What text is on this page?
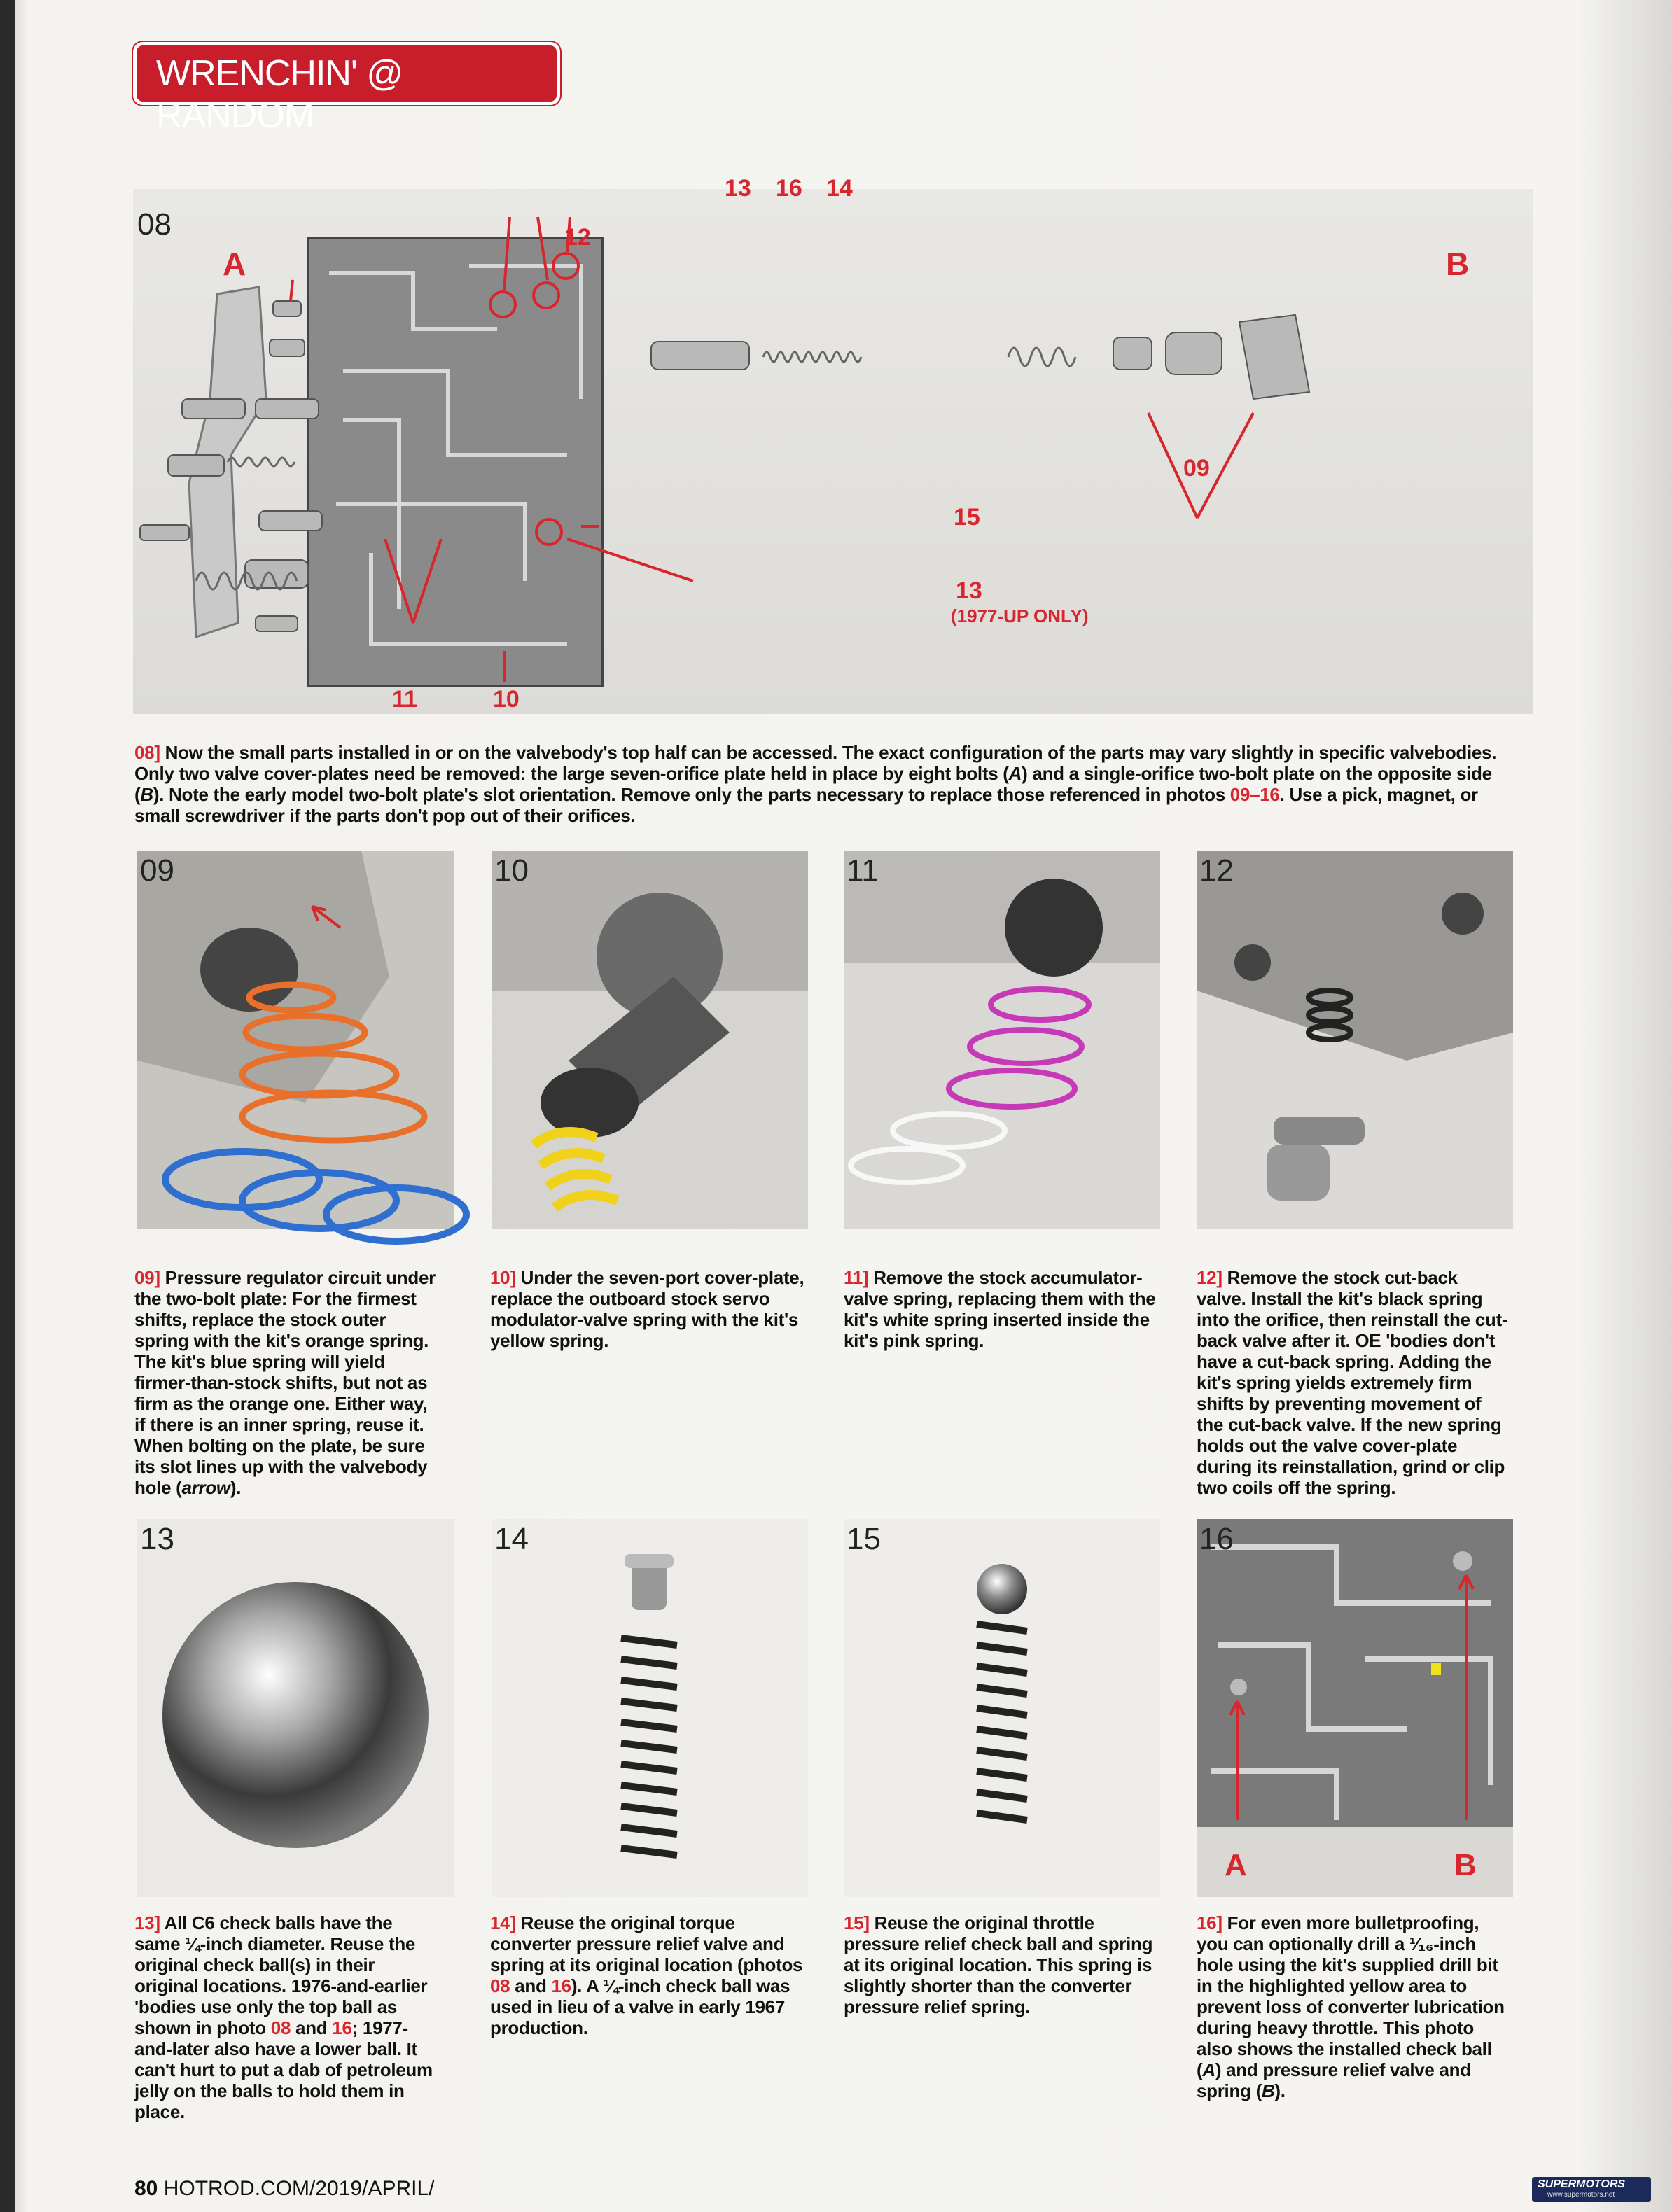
WRENCHIN' @ RANDOM
08
A	B
12
13 16 14
09
15
13
(1977-UP ONLY)
11	10
08] Now the small parts installed in or on the valvebody's top half can be accessed. The exact configuration of the parts may vary slightly in specific valvebodies. Only two valve cover-plates need be removed: the large seven-orifice plate held in place by eight bolts (A) and a single-orifice two-bolt plate on the opposite side (B). Note the early model two-bolt plate's slot orientation. Remove only the parts necessary to replace those referenced in photos 09–16. Use a pick, magnet, or small screwdriver if the parts don't pop out of their orifices.
09	10	11	12
09] Pressure regulator circuit under the two-bolt plate: For the firmest shifts, replace the stock outer spring with the kit's orange spring. The kit's blue spring will yield firmer-than-stock shifts, but not as firm as the orange one. Either way, if there is an inner spring, reuse it. When bolting on the plate, be sure its slot lines up with the valvebody hole (arrow).
10] Under the seven-port cover-plate, replace the outboard stock servo modulator-valve spring with the kit's yellow spring.
11] Remove the stock accumulator-valve spring, replacing them with the kit's white spring inserted inside the kit's pink spring.
12] Remove the stock cut-back valve. Install the kit's black spring into the orifice, then reinstall the cut-back valve after it. OE 'bodies don't have a cut-back spring. Adding the kit's spring yields extremely firm shifts by preventing movement of the cut-back valve. If the new spring holds out the valve cover-plate during its reinstallation, grind or clip two coils off the spring.
13	14	15	16
A	B
13] All C6 check balls have the same ¼-inch diameter. Reuse the original check ball(s) in their original locations. 1976-and-earlier 'bodies use only the top ball as shown in photo 08 and 16; 1977-and-later also have a lower ball. It can't hurt to put a dab of petroleum jelly on the balls to hold them in place.
14] Reuse the original torque converter pressure relief valve and spring at its original location (photos 08 and 16). A ¼-inch check ball was used in lieu of a valve in early 1967 production.
15] Reuse the original throttle pressure relief check ball and spring at its original location. This spring is slightly shorter than the converter pressure relief spring.
16] For even more bulletproofing, you can optionally drill a ¹⁄₁₆-inch hole using the kit's supplied drill bit in the highlighted yellow area to prevent loss of converter lubrication during heavy throttle. This photo also shows the installed check ball (A) and pressure relief valve and spring (B).
80 HOTROD.COM/2019/APRIL/	SUPERMOTORS
www.supermotors.net
